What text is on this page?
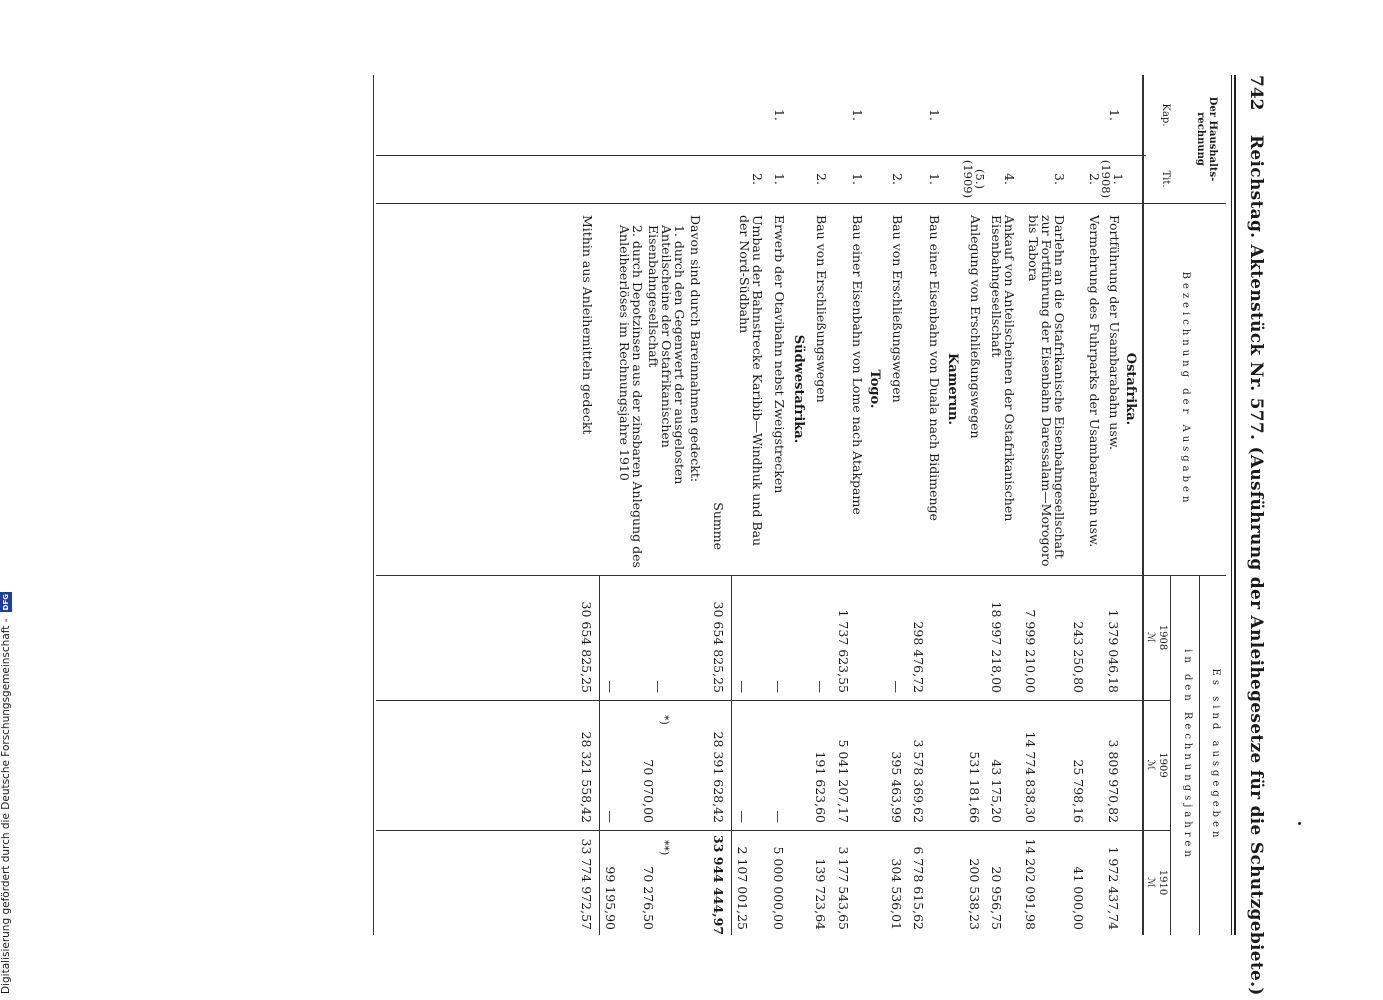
742
Reichstag. Aktenstück Nr. 577. (Ausführung der Anleihegesetze für die Schutzgebiete.)
Der Haushalts-rechnung
Kap.
Tit.
Bezeichnung der Ausgaben
Es sind ausgegeben
in den Rechnungsjahren
1908
ℳ
1909
ℳ
1910
ℳ
Ostafrika.
1.
1. (1908)
Fortführung der Usambarabahn usw.
1 379 046,18
3 809 970,82
1 972 437,74
2.
Vermehrung des Fuhrparks der Usambarabahn usw.
243 250,80
25 798,16
41 000,00
3.
Darlehn an die Ostafrikanische Eisenbahngesellschaft zur Fortführung der Eisenbahn Daressalam—Morogoro bis Tabora
7 999 210,00
14 774 838,30
14 202 091,98
4.
Ankauf von Anteilscheinen der Ostafrikanischen Eisenbahngesellschaft
18 997 218,00
43 175,20
20 956,75
(5.) (1909)
Anlegung von Erschließungswegen
531 181,66
200 538,23
Kamerun.
1.
1.
Bau einer Eisenbahn von Duala nach Bidimenge
298 476,72
3 578 369,62
6 778 615,62
2.
Bau von Erschließungswegen
—
395 463,99
304 536,01
Togo.
1.
1.
Bau einer Eisenbahn von Lome nach Atakpame
1 737 623,55
5 041 207,17
3 177 543,65
2.
Bau von Erschließungswegen
—
191 623,60
139 723,64
Südwestafrika.
1.
1.
Erwerb der Otavibahn nebst Zweigstrecken
—
—
5 000 000,00
2.
Umbau der Bahnstrecke Karibib—Windhuk und Bau der Nord-Südbahn
—
—
2 107 001,25
Summe
30 654 825,25
28 391 628,42
33 944 444,97
Davon sind durch Bareinnahmen gedeckt:
1. durch den Gegenwert der ausgelosten Anteilscheine der Ostafrikanischen Eisenbahngesellschaft
—
*)
70 070,00
**)
70 276,50
2. durch Depotzinsen aus der zinsbaren Anlegung des Anleiheerlöses im Rechnungsjahre 1910
—
—
99 195,90
Mithin aus Anleihemitteln gedeckt
30 654 825,25
28 321 558,42
33 774 972,57
Digitalisierung gefördert durch die Deutsche Forschungsgemeinschaft - DFG
